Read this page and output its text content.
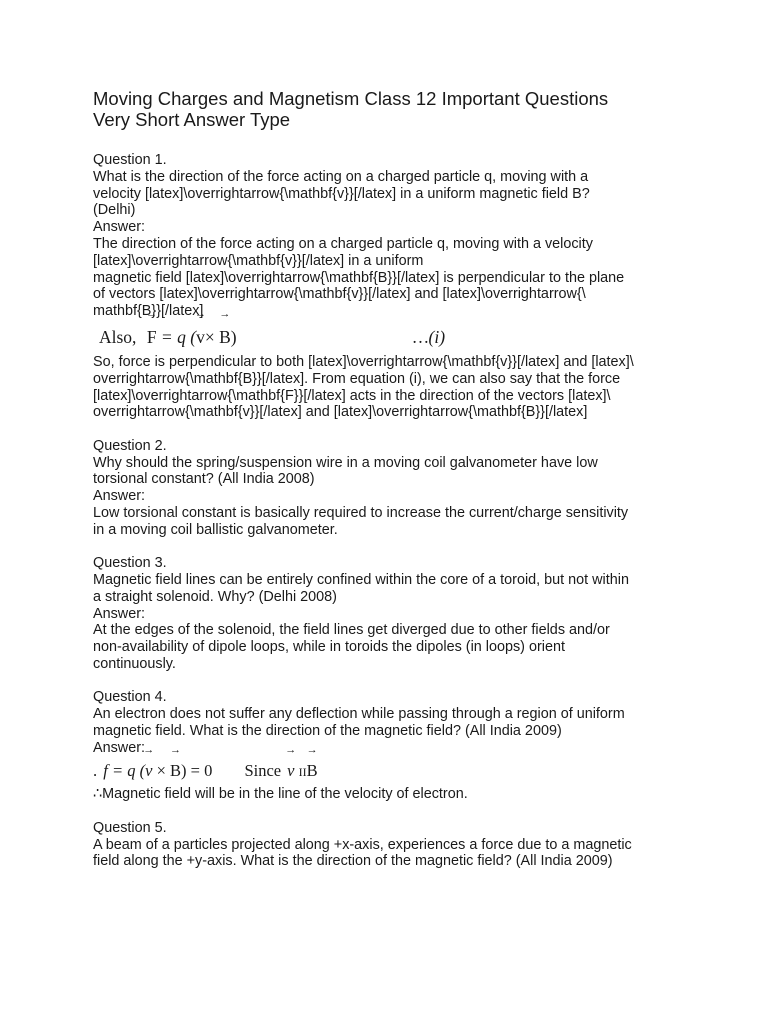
Moving Charges and Magnetism Class 12 Important Questions
Very Short Answer Type

Question 1.

What is the direction of the force acting on a charged particle q, moving with a

velocity [latex]\overrightarrow{\mathbf{v}}[/latex] in a uniform magnetic field B?

(Delhi)

Answer:

The direction of the force acting on a charged particle q, moving with a velocity

[latex]\overrightarrow{\mathbf{v}}[/latex] in a uniform

magnetic field [latex]\overrightarrow{\mathbf{B}}[/latex] is perpendicular to the plane

of vectors [latex]\overrightarrow{\mathbf{v}}[/latex] and [latex]\overrightarrow{\

mathbf{B}}[/latex]

Also, → F = q (→ v× → B)	…(i)

So, force is perpendicular to both [latex]\overrightarrow{\mathbf{v}}[/latex] and [latex]\

overrightarrow{\mathbf{B}}[/latex]. From equation (i), we can also say that the force

[latex]\overrightarrow{\mathbf{F}}[/latex] acts in the direction of the vectors [latex]\

overrightarrow{\mathbf{v}}[/latex] and [latex]\overrightarrow{\mathbf{B}}[/latex]

Question 2.

Why should the spring/suspension wire in a moving coil galvanometer have low

torsional constant? (All India 2008)

Answer:

Low torsional constant is basically required to increase the current/charge sensitivity

in a moving coil ballistic galvanometer.

Question 3.

Magnetic field lines can be entirely confined within the core of a toroid, but not within

a straight solenoid. Why? (Delhi 2008)

Answer:

At the edges of the solenoid, the field lines get diverged due to other fields and/or

non-availability of dipole loops, while in toroids the dipoles (in loops) orient

continuously.

Question 4.

An electron does not suffer any deflection while passing through a region of uniform

magnetic field. What is the direction of the magnetic field? (All India 2009)

Answer:

. f = q (→ v × → B) = 0 Since → v II→ B

∴Magnetic field will be in the line of the velocity of electron.

Question 5.

A beam of a particles projected along +x-axis, experiences a force due to a magnetic

field along the +y-axis. What is the direction of the magnetic field? (All India 2009)
